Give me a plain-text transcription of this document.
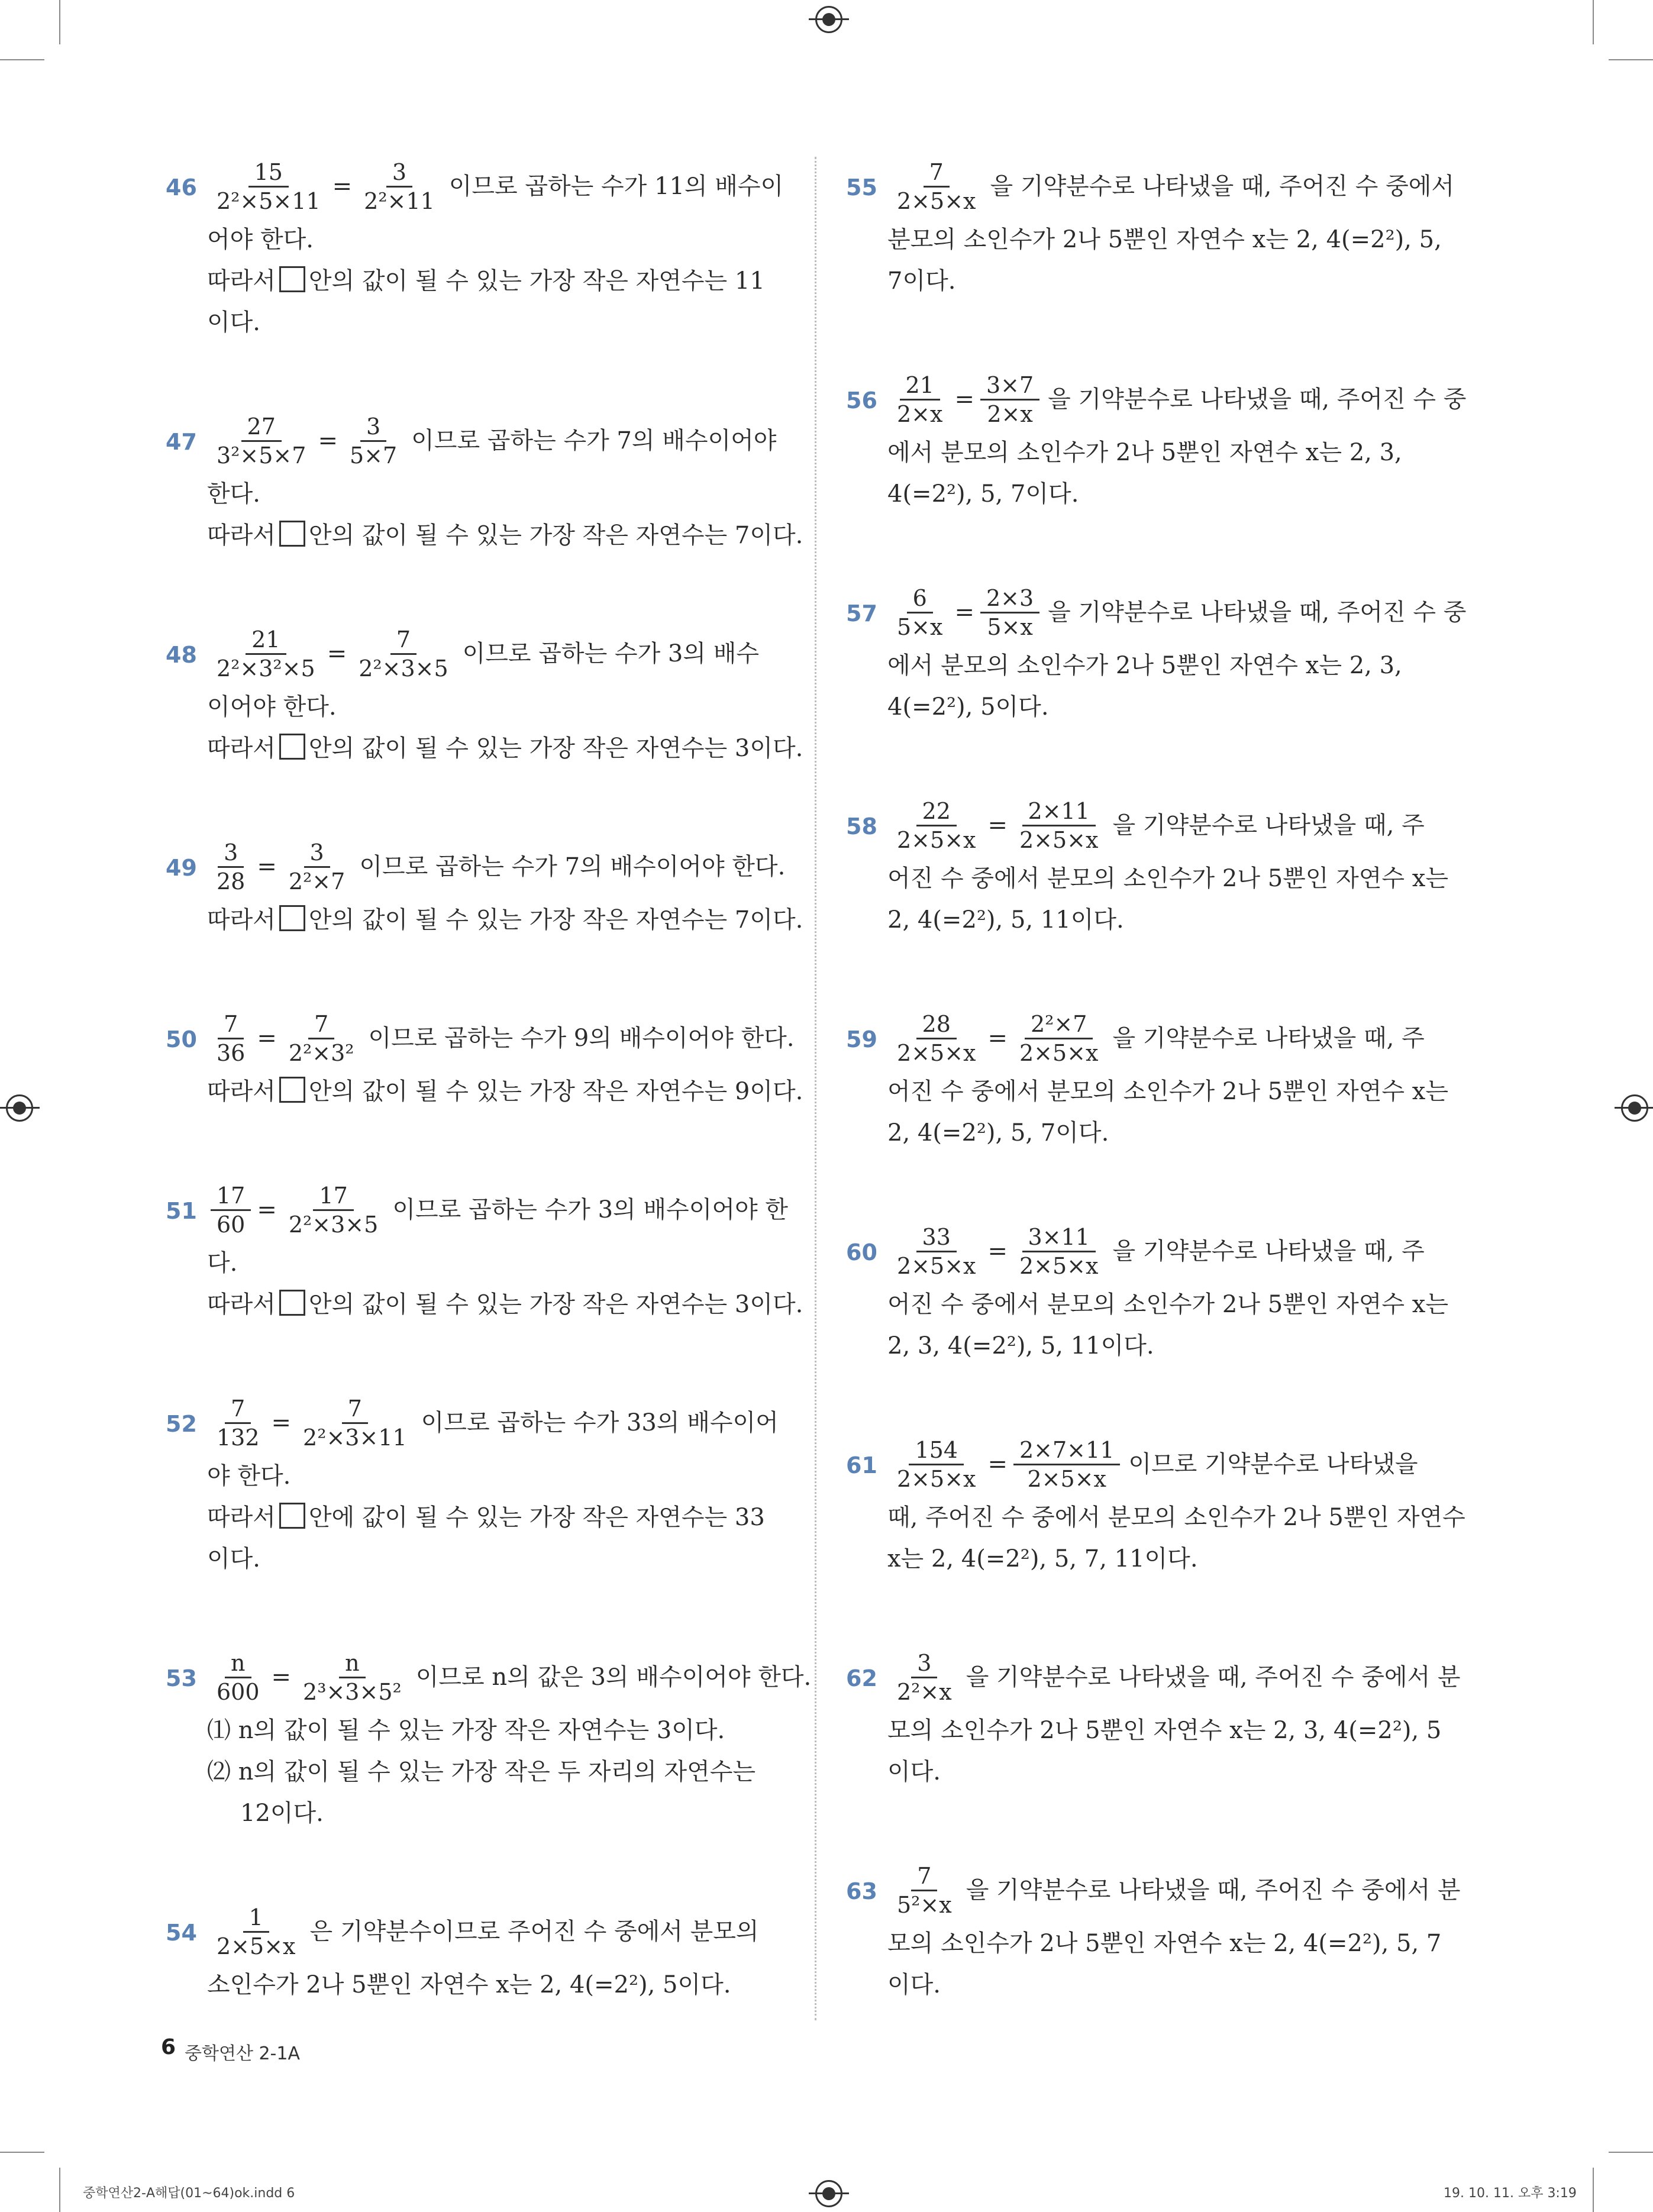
$46 \frac{15}{\text{2²×5×11}} = \frac{3}{\text{2²×11}}$ 이므로 곱하는 수가 11의 배수이
어야 한다.
따라서 안의 값이 될 수 있는 가장 작은 자연수는 11
이다.
$47 \frac{27}{\text{3²×5×7}} = \frac{3}{5\times 7}$ 이므로 곱하는 수가 7의 배수이어야
한다.
따라서 안의 값이 될 수 있는 가장 작은 자연수는 7이다.
$48 \frac{21}{\text{2²×3²×5}} = \frac{7}{\text{2²×3×5}}$ 이므로 곱하는 수가 3의 배수
이어야 한다.
따라서 안의 값이 될 수 있는 가장 작은 자연수는 3이다.
$49 \frac{3}{28} = \frac{3}{\text{2²×7}}$ 이므로 곱하는 수가 7의 배수이어야 한다.
따라서 안의 값이 될 수 있는 가장 작은 자연수는 7이다.
$50 \frac{7}{36} = \frac{7}{\text{2²×3²}}$ 이므로 곱하는 수가 9의 배수이어야 한다.
따라서 안의 값이 될 수 있는 가장 작은 자연수는 9이다.
$51 \frac{17}{60} = \frac{17}{\text{2²×3×5}}$ 이므로 곱하는 수가 3의 배수이어야 한
다.
따라서 안의 값이 될 수 있는 가장 작은 자연수는 3이다.
$52 \frac{7}{132} = \frac{7}{\text{2²×3×11}}$ 이므로 곱하는 수가 33의 배수이어
야 한다.
따라서 안에 값이 될 수 있는 가장 작은 자연수는 33
이다.
$53 \frac{n}{600} = \frac{n}{\text{2³×3×5²}}$ 이므로 n의 값은 3의 배수이어야 한다.
⑴ n의 값이 될 수 있는 가장 작은 자연수는 3이다.
⑵ n의 값이 될 수 있는 가장 작은 두 자리의 자연수는
12이다.
$54 \frac{1}{2\times 5\times x}$ 은 기약분수이므로 주어진 수 중에서 분모의
소인수가 2나 5뿐인 자연수 x는 2, 4(=2²), 5이다.
$55 \frac{7}{2\times 5\times x}$ 을 기약분수로 나타냈을 때, 주어진 수 중에서
분모의 소인수가 2나 5뿐인 자연수 x는 2, 4(=2²), 5,
7이다.
$56 \frac{21}{2\times x} = \frac{3\times 7}{2\times x}$ 을 기약분수로 나타냈을 때, 주어진 수 중
에서 분모의 소인수가 2나 5뿐인 자연수 x는 2, 3,
4(=2²), 5, 7이다.
$57 \frac{6}{5\times x} = \frac{2\times 3}{5\times x}$ 을 기약분수로 나타냈을 때, 주어진 수 중
에서 분모의 소인수가 2나 5뿐인 자연수 x는 2, 3,
4(=2²), 5이다.
$58 \frac{22}{2\times 5\times x} = \frac{2\times 11}{2\times 5\times x}$ 을 기약분수로 나타냈을 때, 주
어진 수 중에서 분모의 소인수가 2나 5뿐인 자연수 x는
2, 4(=2²), 5, 11이다.
$59 \frac{28}{2\times 5\times x} = \frac{\text{2²×7}}{2\times 5\times x}$ 을 기약분수로 나타냈을 때, 주
어진 수 중에서 분모의 소인수가 2나 5뿐인 자연수 x는
2, 4(=2²), 5, 7이다.
$60 \frac{33}{2\times 5\times x} = \frac{3\times 11}{2\times 5\times x}$ 을 기약분수로 나타냈을 때, 주
어진 수 중에서 분모의 소인수가 2나 5뿐인 자연수 x는
2, 3, 4(=2²), 5, 11이다.
$61 \frac{154}{2\times 5\times x} = \frac{2\times 7\times 11}{2\times 5\times x}$ 이므로 기약분수로 나타냈을
때, 주어진 수 중에서 분모의 소인수가 2나 5뿐인 자연수
x는 2, 4(=2²), 5, 7, 11이다.
$62 \frac{3}{\text{2²×x}}$ 을 기약분수로 나타냈을 때, 주어진 수 중에서 분
모의 소인수가 2나 5뿐인 자연수 x는 2, 3, 4(=2²), 5
이다.
$63 \frac{7}{\text{5²×x}}$ 을 기약분수로 나타냈을 때, 주어진 수 중에서 분
모의 소인수가 2나 5뿐인 자연수 x는 2, 4(=2²), 5, 7
이다.
6 중학연산 2-1A
중학연산2-A해답(01~64)ok.indd 6	19. 10. 11. 오후 3:19
